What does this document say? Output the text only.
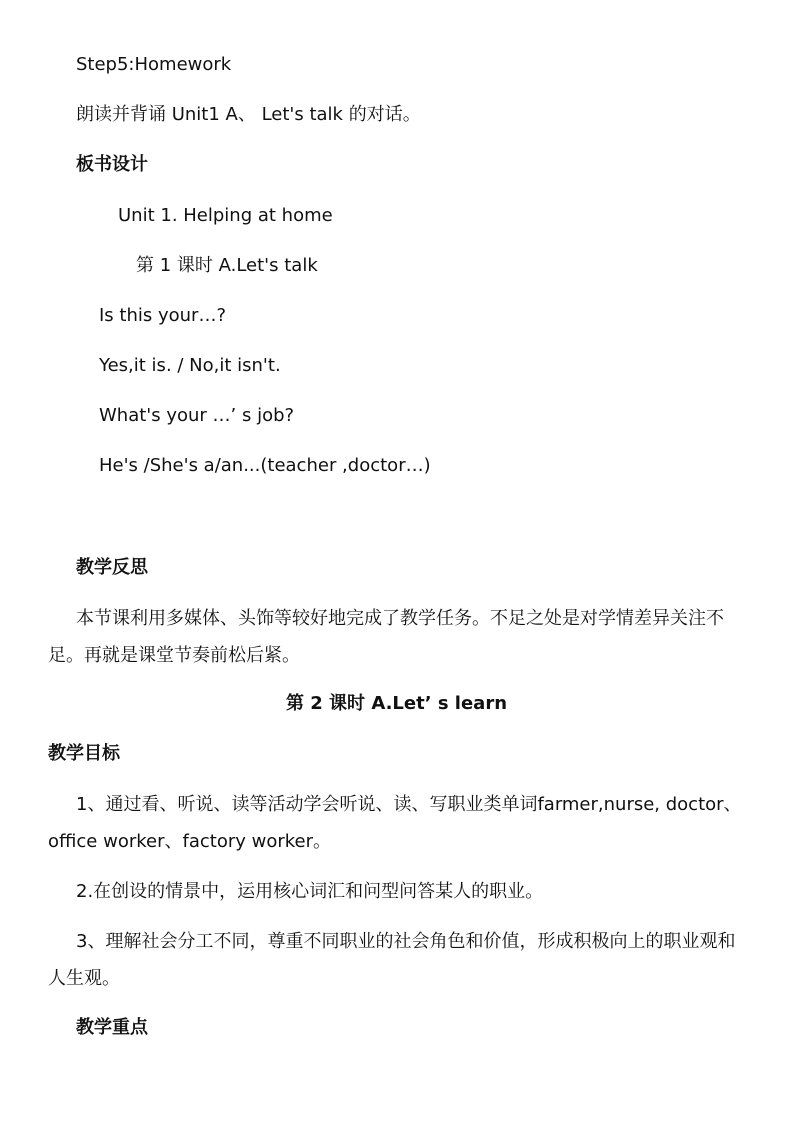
Step5:Homework
朗读并背诵 Unit1 A、 Let's talk 的对话。
板书设计
Unit 1. Helping at home
第 1 课时 A.Let's talk
Is this your…?
Yes,it is. / No,it isn't.
What's your …’ s job?
He's /She's a/an...(teacher ,doctor…)
教学反思
本节课利用多媒体、头饰等较好地完成了教学任务。不足之处是对学情差异关注不足。再就是课堂节奏前松后紧。
第 2 课时 A.Let’ s learn
教学目标
1、通过看、听说、读等活动学会听说、读、写职业类单词farmer,nurse, doctor、office worker、factory worker。
2.在创设的情景中，运用核心词汇和问型问答某人的职业。
3、理解社会分工不同，尊重不同职业的社会角色和价值，形成积极向上的职业观和人生观。
教学重点
